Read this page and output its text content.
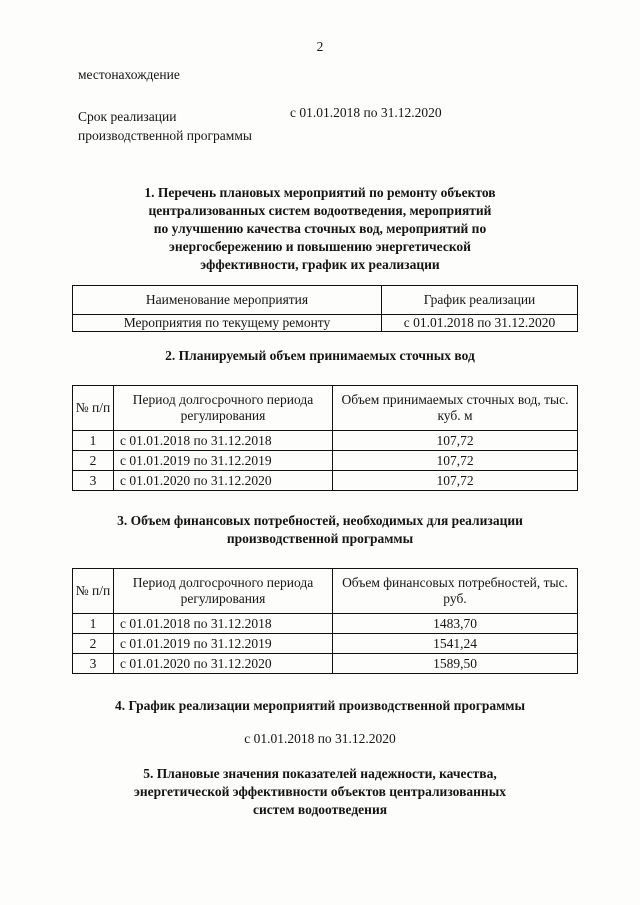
2
местонахождение
Срок реализации
производственной программы
с 01.01.2018 по 31.12.2020
1. Перечень плановых мероприятий по ремонту объектов
централизованных систем водоотведения, мероприятий
по улучшению качества сточных вод, мероприятий по
энергосбережению и повышению энергетической
эффективности, график их реализации
Наименование мероприятия	График реализации
Мероприятия по текущему ремонту	с 01.01.2018 по 31.12.2020
2. Планируемый объем принимаемых сточных вод
№ п/п	Период долгосрочного периода регулирования	Объем принимаемых сточных вод, тыс. куб. м
1	с 01.01.2018 по 31.12.2018	107,72
2	с 01.01.2019 по 31.12.2019	107,72
3	с 01.01.2020 по 31.12.2020	107,72
3. Объем финансовых потребностей, необходимых для реализации
производственной программы
№ п/п	Период долгосрочного периода регулирования	Объем финансовых потребностей, тыс. руб.
1	с 01.01.2018 по 31.12.2018	1483,70
2	с 01.01.2019 по 31.12.2019	1541,24
3	с 01.01.2020 по 31.12.2020	1589,50
4. График реализации мероприятий производственной программы
с 01.01.2018 по 31.12.2020
5. Плановые значения показателей надежности, качества,
энергетической эффективности объектов централизованных
систем водоотведения
